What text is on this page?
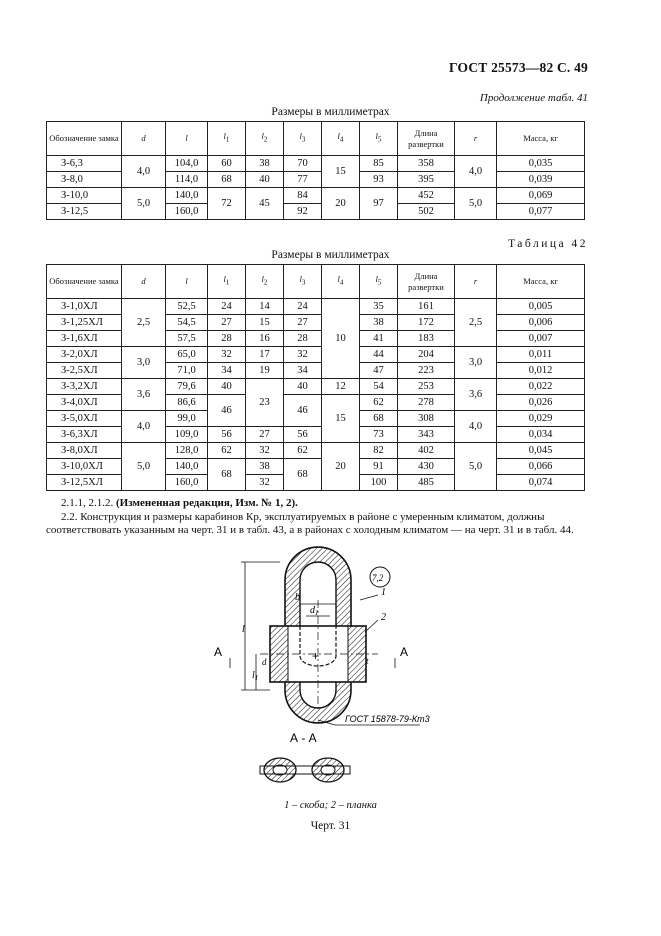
ГОСТ 25573—82 С. 49
Продолжение табл. 41
Размеры в миллиметрах
Обозначение замка	d	l	$l_1$	$l_2$	$l_3$	$l_4$	$l_5$	Длина развертки	r	Масса, кг
З-6,3	4,0	104,0	60	38	70	15	85	358	4,0	0,035
З-8,0		114,0	68	40	77		93	395		0,039
З-10,0	5,0	140,0	72	45	84	20	97	452	5,0	0,069
З-12,5		160,0			92			502		0,077
Таблица 42
Размеры в миллиметрах
Обозначение замка	d	l	$l_1$	$l_2$	$l_3$	$l_4$	$l_5$	Длина развертки	r	Масса, кг
З-1,0ХЛ	2,5	52,5	24	14	24	10	35	161	2,5	0,005
З-1,25ХЛ		54,5	27	15	27		38	172		0,006
З-1,6ХЛ		57,5	28	16	28		41	183		0,007
З-2,0ХЛ	3,0	65,0	32	17	32		44	204	3,0	0,011
З-2,5ХЛ		71,0	34	19	34		47	223		0,012
З-3,2ХЛ	3,6	79,6	40	23	40	12	54	253	3,6	0,022
З-4,0ХЛ		86,6	46		46	15	62	278		0,026
З-5,0ХЛ	4,0	99,0					68	308	4,0	0,029
З-6,3ХЛ		109,0	56	27	56		73	343		0,034
З-8,0ХЛ	5,0	128,0	62	32	62	20	82	402	5,0	0,045
З-10,0ХЛ		140,0	68	38	68		91	430		0,066
З-12,5ХЛ		160,0		32			100	485		0,074
2.1.1, 2.1.2. (Измененная редакция, Изм. № 1, 2).
2.2. Конструкция и размеры карабинов Кр, эксплуатируемых в районе с умеренным климатом, должны
соответствовать указанным на черт. 31 и в табл. 43, а в районах с холодным климатом — на черт. 31 и в табл. 44.
+
b
$d_1$
l
$l_1$
d	t
А	А
7,2
1
2
ГОСТ 15878-79-Кт3
А - А
1 – скоба; 2 – планка
Черт. 31
